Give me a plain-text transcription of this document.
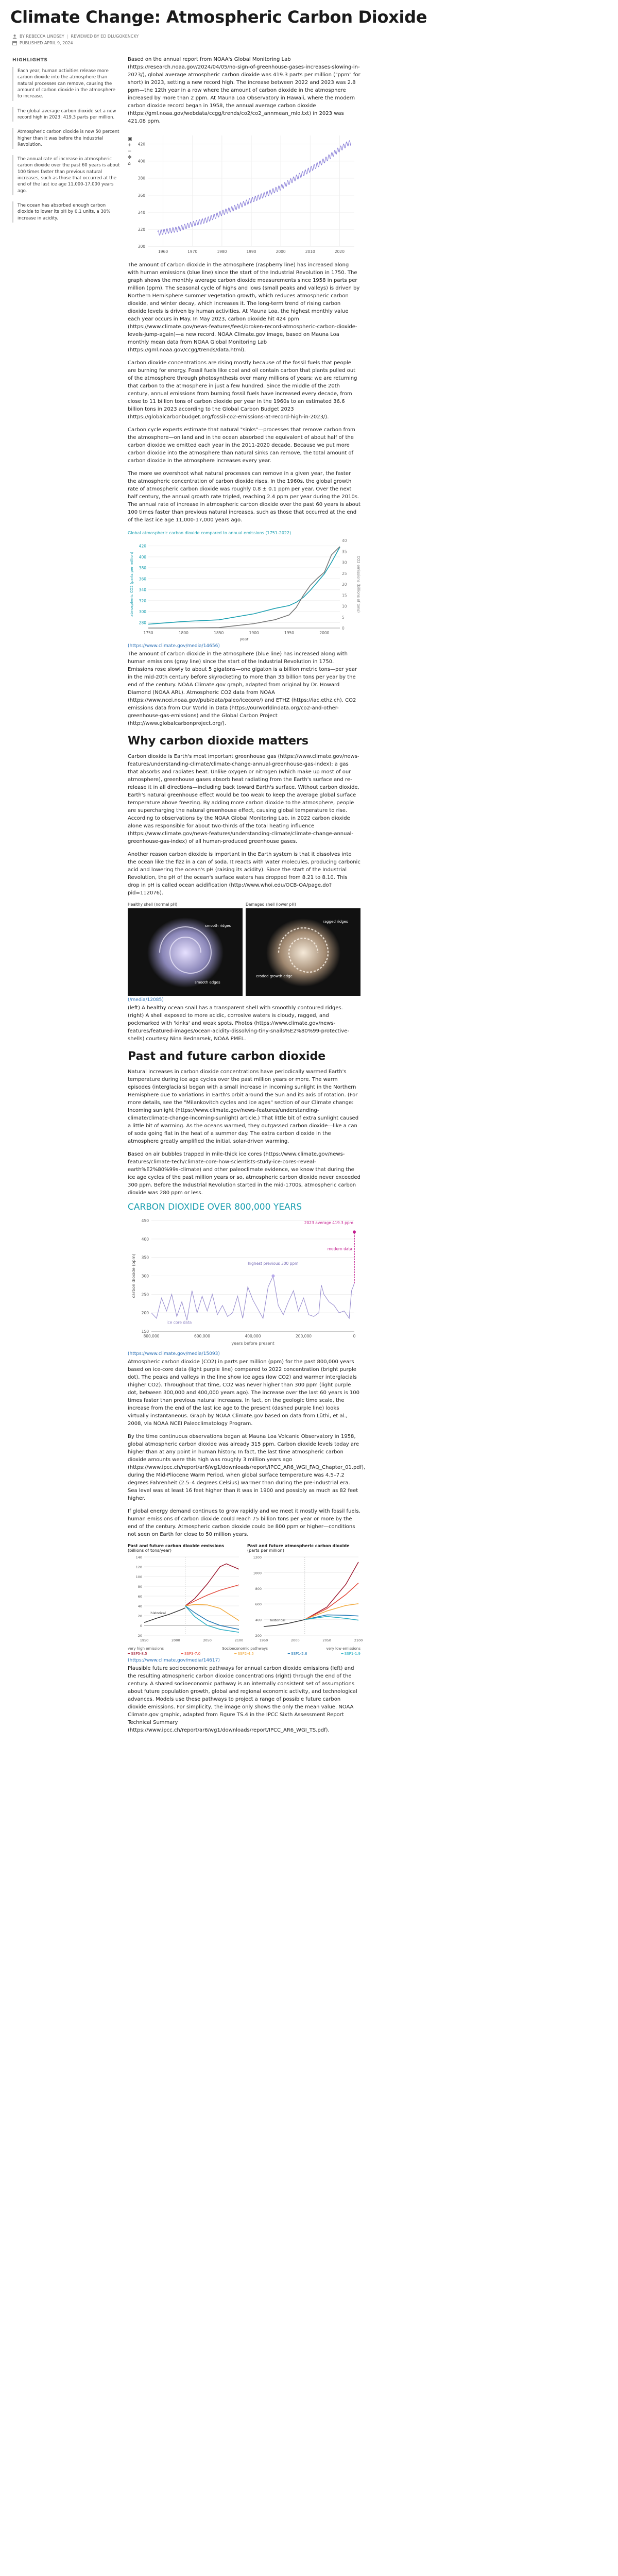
Climate Change: Atmospheric Carbon Dioxide
BY REBECCA LINDSEY | REVIEWED BY ED DLUGOKENCKY
PUBLISHED APRIL 9, 2024
HIGHLIGHTS
Each year, human activities release more carbon dioxide into the atmosphere than natural processes can remove, causing the amount of carbon dioxide in the atmosphere to increase.
The global average carbon dioxide set a new record high in 2023: 419.3 parts per million.
Atmospheric carbon dioxide is now 50 percent higher than it was before the Industrial Revolution.
The annual rate of increase in atmospheric carbon dioxide over the past 60 years is about 100 times faster than previous natural increases, such as those that occurred at the end of the last ice age 11,000-17,000 years ago.
The ocean has absorbed enough carbon dioxide to lower its pH by 0.1 units, a 30% increase in acidity.

Based on the annual report from NOAA's Global Monitoring Lab (https://research.noaa.gov/2024/04/05/no-sign-of-greenhouse-gases-increases-slowing-in-2023/), global average atmospheric carbon dioxide was 419.3 parts per million ("ppm" for short) in 2023, setting a new record high. The increase between 2022 and 2023 was 2.8 ppm—the 12th year in a row where the amount of carbon dioxide in the atmosphere increased by more than 2 ppm. At Mauna Loa Observatory in Hawaii, where the modern carbon dioxide record began in 1958, the annual average carbon dioxide (https://gml.noaa.gov/webdata/ccgg/trends/co2/co2_annmean_mlo.txt) in 2023 was 421.08 ppm.

▣
+
−
✥
⌂
300
320
340
360
380
400
420
1960	1970	1980	1990	2000	2010	2020

The amount of carbon dioxide in the atmosphere (raspberry line) has increased along with human emissions (blue line) since the start of the Industrial Revolution in 1750. The graph shows the monthly average carbon dioxide measurements since 1958 in parts per million (ppm). The seasonal cycle of highs and lows (small peaks and valleys) is driven by Northern Hemisphere summer vegetation growth, which reduces atmospheric carbon dioxide, and winter decay, which increases it. The long-term trend of rising carbon dioxide levels is driven by human activities. At Mauna Loa, the highest monthly value each year occurs in May. In May 2023, carbon dioxide hit 424 ppm (https://www.climate.gov/news-features/feed/broken-record-atmospheric-carbon-dioxide-levels-jump-again)—a new record. NOAA Climate.gov image, based on Mauna Loa monthly mean data from NOAA Global Monitoring Lab (https://gml.noaa.gov/ccgg/trends/data.html).

Carbon dioxide concentrations are rising mostly because of the fossil fuels that people are burning for energy. Fossil fuels like coal and oil contain carbon that plants pulled out of the atmosphere through photosynthesis over many millions of years; we are returning that carbon to the atmosphere in just a few hundred. Since the middle of the 20th century, annual emissions from burning fossil fuels have increased every decade, from close to 11 billion tons of carbon dioxide per year in the 1960s to an estimated 36.6 billion tons in 2023 according to the Global Carbon Budget 2023 (https://globalcarbonbudget.org/fossil-co2-emissions-at-record-high-in-2023/).

Carbon cycle experts estimate that natural "sinks"—processes that remove carbon from the atmosphere—on land and in the ocean absorbed the equivalent of about half of the carbon dioxide we emitted each year in the 2011-2020 decade. Because we put more carbon dioxide into the atmosphere than natural sinks can remove, the total amount of carbon dioxide in the atmosphere increases every year.

The more we overshoot what natural processes can remove in a given year, the faster the atmospheric concentration of carbon dioxide rises. In the 1960s, the global growth rate of atmospheric carbon dioxide was roughly 0.8 ± 0.1 ppm per year. Over the next half century, the annual growth rate tripled, reaching 2.4 ppm per year during the 2010s. The annual rate of increase in atmospheric carbon dioxide over the past 60 years is about 100 times faster than previous natural increases, such as those that occurred at the end of the last ice age 11,000-17,000 years ago.

Global atmospheric carbon dioxide compared to annual emissions (1751-2022)
280
300
320
340
360
380
400
420
0
5
10
15
20
25
30
35
40
1750	1800	1850	1900	1950	2000
year
atmospheric CO2 (parts per million)	CO2 emissions (billions of tons)
(https://www.climate.gov/media/14656)

The amount of carbon dioxide in the atmosphere (blue line) has increased along with human emissions (gray line) since the start of the Industrial Revolution in 1750. Emissions rose slowly to about 5 gigatons—one gigaton is a billion metric tons—per year in the mid-20th century before skyrocketing to more than 35 billion tons per year by the end of the century. NOAA Climate.gov graph, adapted from original by Dr. Howard Diamond (NOAA ARL). Atmospheric CO2 data from NOAA (https://www.ncei.noaa.gov/pub/data/paleo/icecore/) and ETHZ (https://iac.ethz.ch). CO2 emissions data from Our World in Data (https://ourworldindata.org/co2-and-other-greenhouse-gas-emissions) and the Global Carbon Project (http://www.globalcarbonproject.org/).

Why carbon dioxide matters

Carbon dioxide is Earth's most important greenhouse gas (https://www.climate.gov/news-features/understanding-climate/climate-change-annual-greenhouse-gas-index): a gas that absorbs and radiates heat. Unlike oxygen or nitrogen (which make up most of our atmosphere), greenhouse gases absorb heat radiating from the Earth's surface and re-release it in all directions—including back toward Earth's surface. Without carbon dioxide, Earth's natural greenhouse effect would be too weak to keep the average global surface temperature above freezing. By adding more carbon dioxide to the atmosphere, people are supercharging the natural greenhouse effect, causing global temperature to rise. According to observations by the NOAA Global Monitoring Lab, in 2022 carbon dioxide alone was responsible for about two-thirds of the total heating influence (https://www.climate.gov/news-features/understanding-climate/climate-change-annual-greenhouse-gas-index) of all human-produced greenhouse gases.

Another reason carbon dioxide is important in the Earth system is that it dissolves into the ocean like the fizz in a can of soda. It reacts with water molecules, producing carbonic acid and lowering the ocean's pH (raising its acidity). Since the start of the Industrial Revolution, the pH of the ocean's surface waters has dropped from 8.21 to 8.10. This drop in pH is called ocean acidification (http://www.whoi.edu/OCB-OA/page.do?pid=112076).

Healthy shell (normal pH)
smooth ridges
smooth edges
Damaged shell (lower pH)
ragged ridges
eroded growth edge
(/media/12085)

(left) A healthy ocean snail has a transparent shell with smoothly contoured ridges. (right) A shell exposed to more acidic, corrosive waters is cloudy, ragged, and pockmarked with 'kinks' and weak spots. Photos (https://www.climate.gov/news-features/featured-images/ocean-acidity-dissolving-tiny-snails%E2%80%99-protective-shells) courtesy Nina Bednarsek, NOAA PMEL.

Past and future carbon dioxide

Natural increases in carbon dioxide concentrations have periodically warmed Earth's temperature during ice age cycles over the past million years or more. The warm episodes (interglacials) began with a small increase in incoming sunlight in the Northern Hemisphere due to variations in Earth's orbit around the Sun and its axis of rotation. (For more details, see the "Milankovitch cycles and ice ages" section of our Climate change: Incoming sunlight (https://www.climate.gov/news-features/understanding-climate/climate-change-incoming-sunlight) article.) That little bit of extra sunlight caused a little bit of warming. As the oceans warmed, they outgassed carbon dioxide—like a can of soda going flat in the heat of a summer day. The extra carbon dioxide in the atmosphere greatly amplified the initial, solar-driven warming.

Based on air bubbles trapped in mile-thick ice cores (https://www.climate.gov/news-features/climate-tech/climate-core-how-scientists-study-ice-cores-reveal-earth%E2%80%99s-climate) and other paleoclimate evidence, we know that during the ice age cycles of the past million years or so, atmospheric carbon dioxide never exceeded 300 ppm. Before the Industrial Revolution started in the mid-1700s, atmospheric carbon dioxide was 280 ppm or less.

CARBON DIOXIDE OVER 800,000 YEARS
150
200
250
300
350
400
450
800,000	600,000	400,000	200,000	0
years before present
carbon dioxide (ppm)
2023 average 419.3 ppm
modern data
highest previous 300 ppm
ice core data
(https://www.climate.gov/media/15093)

Atmospheric carbon dioxide (CO2) in parts per million (ppm) for the past 800,000 years based on ice-core data (light purple line) compared to 2022 concentration (bright purple dot). The peaks and valleys in the line show ice ages (low CO2) and warmer interglacials (higher CO2). Throughout that time, CO2 was never higher than 300 ppm (light purple dot, between 300,000 and 400,000 years ago). The increase over the last 60 years is 100 times faster than previous natural increases. In fact, on the geologic time scale, the increase from the end of the last ice age to the present (dashed purple line) looks virtually instantaneous. Graph by NOAA Climate.gov based on data from Lüthi, et al., 2008, via NOAA NCEI Paleoclimatology Program.

By the time continuous observations began at Mauna Loa Volcanic Observatory in 1958, global atmospheric carbon dioxide was already 315 ppm. Carbon dioxide levels today are higher than at any point in human history. In fact, the last time atmospheric carbon dioxide amounts were this high was roughly 3 million years ago (https://www.ipcc.ch/report/ar6/wg1/downloads/report/IPCC_AR6_WGI_FAQ_Chapter_01.pdf), during the Mid-Pliocene Warm Period, when global surface temperature was 4.5–7.2 degrees Fahrenheit (2.5–4 degrees Celsius) warmer than during the pre-industrial era. Sea level was at least 16 feet higher than it was in 1900 and possibly as much as 82 feet higher.

If global energy demand continues to grow rapidly and we meet it mostly with fossil fuels, human emissions of carbon dioxide could reach 75 billion tons per year or more by the end of the century. Atmospheric carbon dioxide could be 800 ppm or higher—conditions not seen on Earth for close to 50 million years.

Past and future carbon dioxide emissions
(billions of tons/year)
Past and future atmospheric carbon dioxide
(parts per million)
-20
0
20
40
60
80
100
120
140
1950	2000	2050	2100
historical
200
400
600
800
1000
1200
1950	2000	2050	2100
historical
very high emissions	Socioeconomic pathways	very low emissions
━ SSP5-8.5	━ SSP3-7.0	━ SSP2-4.5	━ SSP1-2.6	━ SSP1-1.9
(https://www.climate.gov/media/14617)

Plausible future socioeconomic pathways for annual carbon dioxide emissions (left) and the resulting atmospheric carbon dioxide concentrations (right) through the end of the century. A shared socioeconomic pathway is an internally consistent set of assumptions about future population growth, global and regional economic activity, and technological advances. Models use these pathways to project a range of possible future carbon dioxide emissions. For simplicity, the image only shows the only the mean value. NOAA Climate.gov graphic, adapted from Figure TS.4 in the IPCC Sixth Assessment Report Technical Summary (https://www.ipcc.ch/report/ar6/wg1/downloads/report/IPCC_AR6_WGI_TS.pdf).
